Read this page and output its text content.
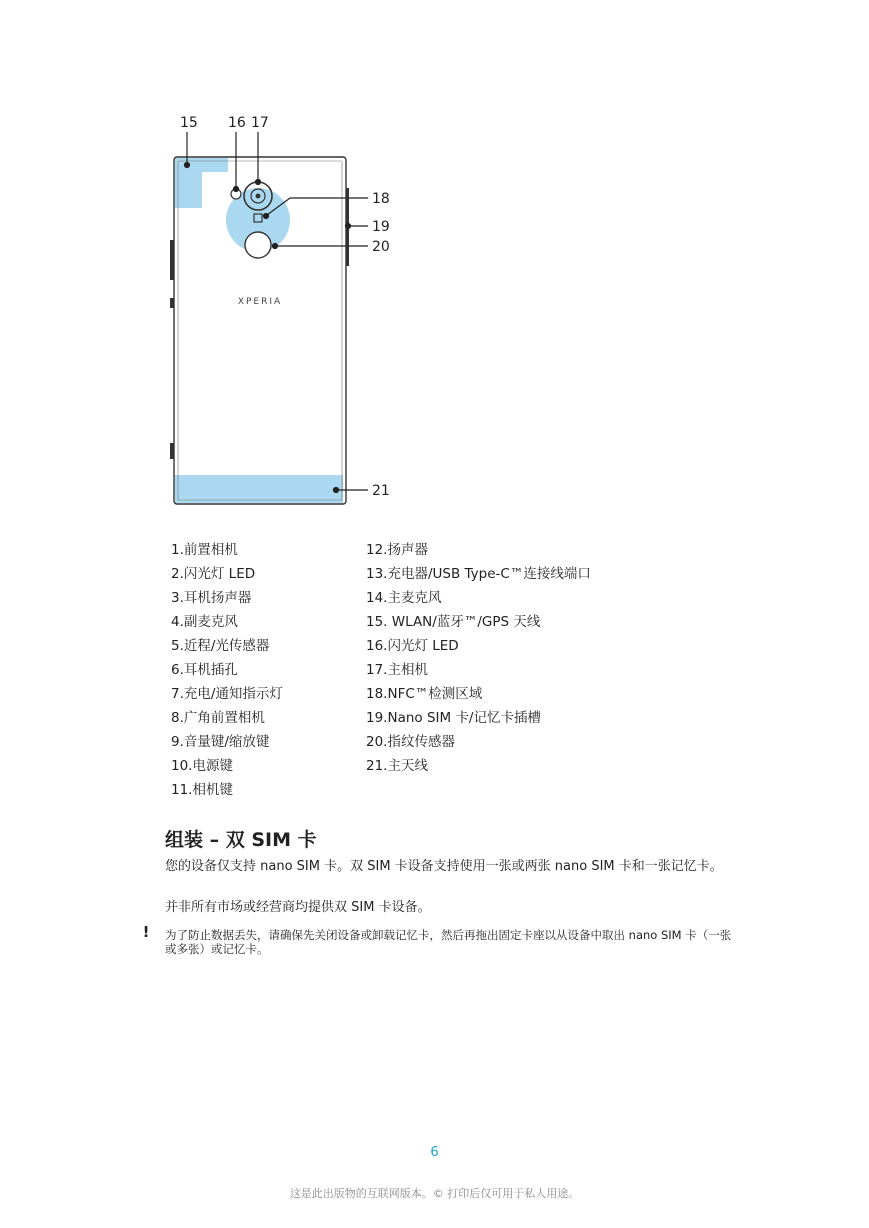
XPERIA
15 16 17
18
19
20
21
1.前置相机
2.闪光灯 LED
3.耳机扬声器
4.副麦克风
5.近程/光传感器
6.耳机插孔
7.充电/通知指示灯
8.广角前置相机
9.音量键/缩放键
10.电源键
11.相机键
12.扬声器
13.充电器/USB Type-C™连接线端口
14.主麦克风
15. WLAN/蓝牙™/GPS 天线
16.闪光灯 LED
17.主相机
18.NFC™检测区域
19.Nano SIM 卡/记忆卡插槽
20.指纹传感器
21.主天线
组装 – 双 SIM 卡

您的设备仅支持 nano SIM 卡。双 SIM 卡设备支持使用一张或两张 nano SIM 卡和一张记忆卡。

并非所有市场或经营商均提供双 SIM 卡设备。

! 为了防止数据丢失，请确保先关闭设备或卸载记忆卡，然后再拖出固定卡座以从设备中取出 nano SIM 卡（一张或多张）或记忆卡。

6
这是此出版物的互联网版本。© 打印后仅可用于私人用途。
